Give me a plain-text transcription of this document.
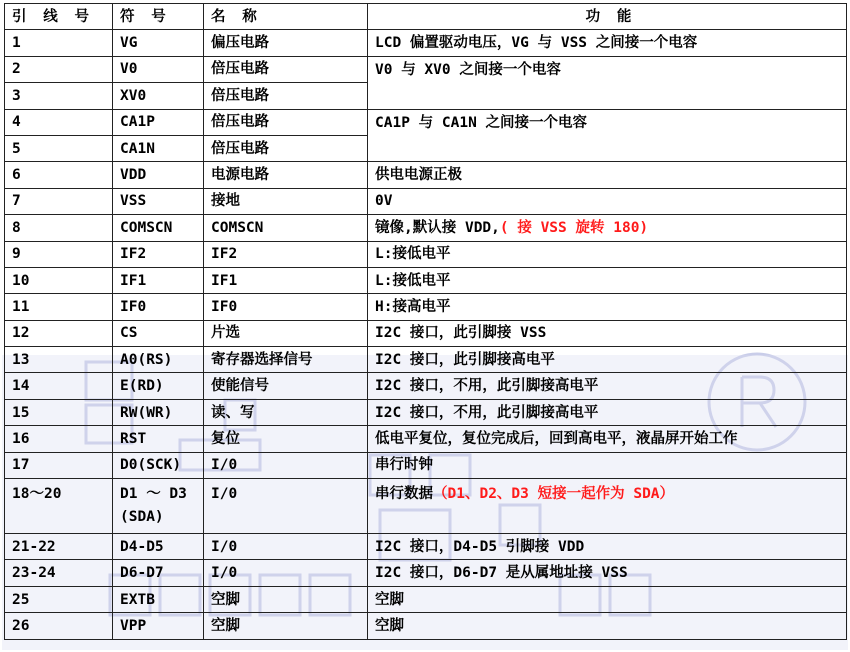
引 线 号	符 号	名 称	功 能
1	VG	偏压电路	LCD 偏置驱动电压，VG 与 VSS 之间接一个电容
2	V0	倍压电路	V0 与 XV0 之间接一个电容
3	XV0	倍压电路	
4	CA1P	倍压电路	CA1P 与 CA1N 之间接一个电容
5	CA1N	倍压电路	
6	VDD	电源电路	供电电源正极
7	VSS	接地	0V
8	COMSCN	COMSCN	镜像,默认接 VDD,( 接 VSS 旋转 180)
9	IF2	IF2	L:接低电平
10	IF1	IF1	L:接低电平
11	IF0	IF0	H:接高电平
12	CS	片选	I2C 接口，此引脚接 VSS
13	A0(RS)	寄存器选择信号	I2C 接口，此引脚接高电平
14	E(RD)	使能信号	I2C 接口，不用，此引脚接高电平
15	RW(WR)	读、写	I2C 接口，不用，此引脚接高电平
16	RST	复位	低电平复位，复位完成后，回到高电平，液晶屏开始工作
17	D0(SCK)	I/0	串行时钟
18～20	D1 ～ D3 (SDA)	I/0	串行数据（D1、D2、D3 短接一起作为 SDA）
21-22	D4-D5	I/0	I2C 接口，D4-D5 引脚接 VDD
23-24	D6-D7	I/0	I2C 接口，D6-D7 是从属地址接 VSS
25	EXTB	空脚	空脚
26	VPP	空脚	空脚
